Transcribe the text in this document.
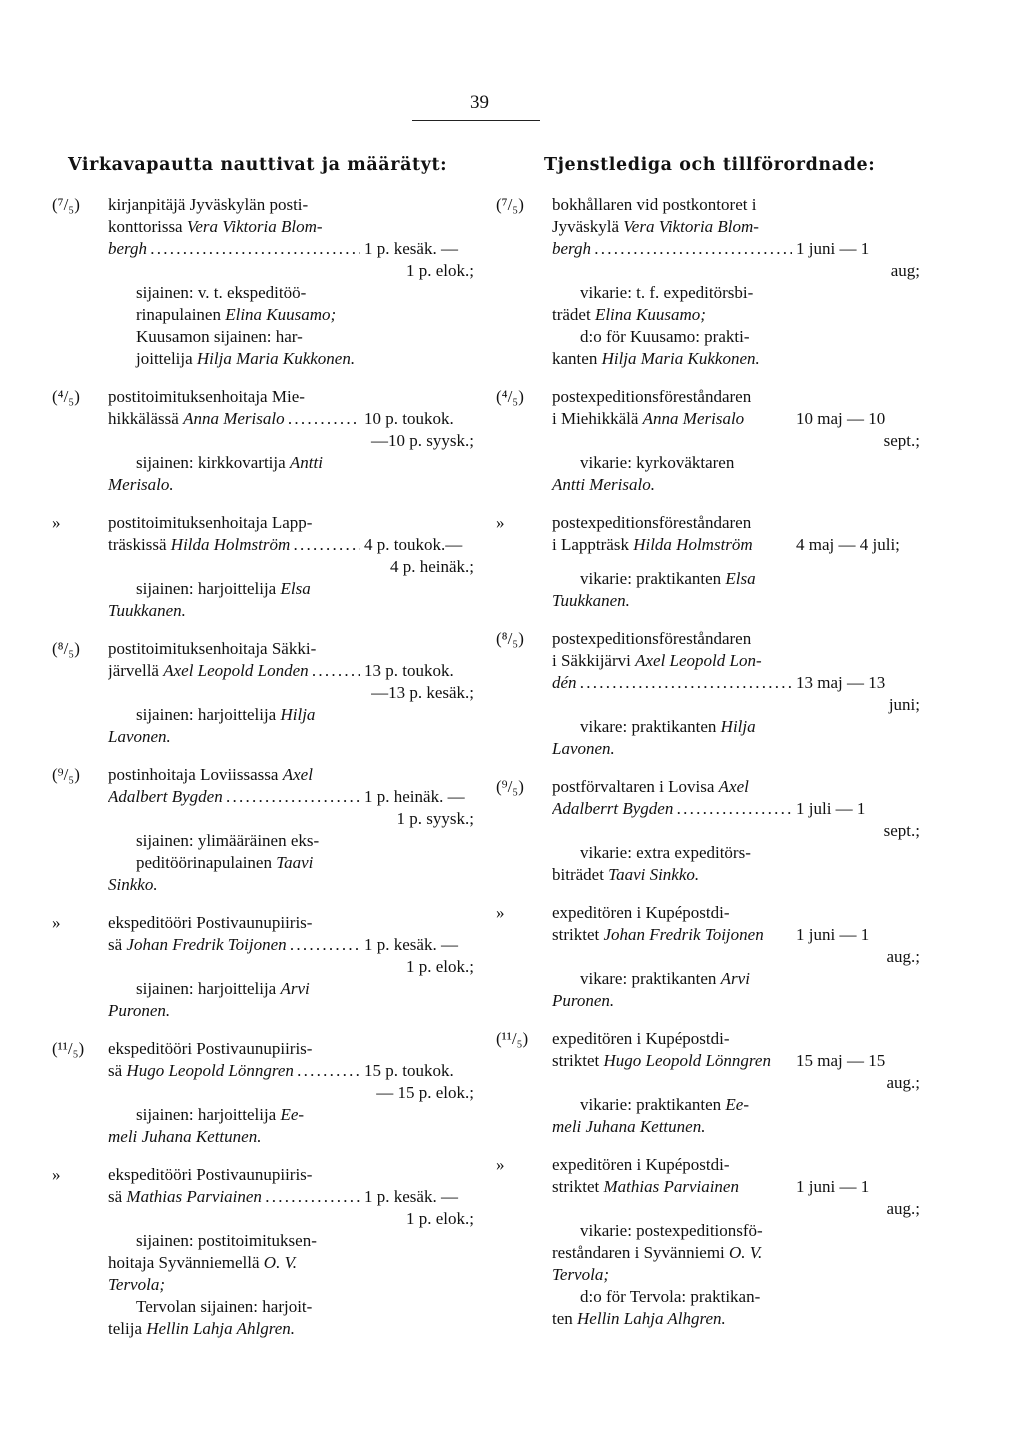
39
Virkavapautta nauttivat ja määrätyt:
(⁷/₅) kirjanpitäjä Jyväskylän posti-
konttorissa Vera Viktoria Blom-
bergh . . .	1 p. kesäk. —
1 p. elok.;
sijainen: v. t. ekspeditöö-
rinapulainen Elina Kuusamo;
Kuusamon sijainen: har-
joittelija Hilja Maria Kukkonen.
(⁴/₅) postitoimituksenhoitaja Mie-
hikkälässä Anna Merisalo . . .	10 p. toukok.
—10 p. syysk.;
sijainen: kirkkovartija Antti
Merisalo.
»	postitoimituksenhoitaja Lapp-
träskissä Hilda Holmström . . .	4 p. toukok.—
4 p. heinäk.;
sijainen: harjoittelija Elsa
Tuukkanen.
(⁸/₅) postitoimituksenhoitaja Säkki-
järvellä Axel Leopold Londen . . .	13 p. toukok.
—13 p. kesäk.;
sijainen: harjoittelija Hilja
Lavonen.
(⁹/₅) postinhoitaja Loviissassa Axel
Adalbert Bygden . . .	1 p. heinäk. —
1 p. syysk.;
sijainen: ylimääräinen eks-
peditöörinapulainen Taavi
Sinkko.
»	ekspeditööri Postivaunupiiris-
sä Johan Fredrik Toijonen . . .	1 p. kesäk. —
1 p. elok.;
sijainen: harjoittelija Arvi
Puronen.
(¹¹/₅) ekspeditööri Postivaunupiiris-
sä Hugo Leopold Lönngren . . .	15 p. toukok.
— 15 p. elok.;
sijainen: harjoittelija Ee-
meli Juhana Kettunen.
»	ekspeditööri Postivaunupiiris-
sä Mathias Parviainen . . .	1 p. kesäk. —
1 p. elok.;
sijainen: postitoimituksen-
hoitaja Syvänniemellä O. V.
Tervola;
Tervolan sijainen: harjoit-
telija Hellin Lahja Ahlgren.
Tjenstlediga och tillförordnade:
(⁷/₅) bokhållaren vid postkontoret i
Jyväskylä Vera Viktoria Blom-
bergh . . .	1 juni — 1
aug;
vikarie: t. f. expeditörsbi-
trädet Elina Kuusamo;
d:o för Kuusamo: prakti-
kanten Hilja Maria Kukkonen.
(⁴/₅) postexpeditionsföreståndaren
i Miehikkälä Anna Merisalo	10 maj — 10
sept.;
vikarie: kyrkoväktaren
Antti Merisalo.
»	postexpeditionsföreståndaren
i Lappträsk Hilda Holmström	4 maj — 4 juli;
vikarie: praktikanten Elsa
Tuukkanen.
(⁸/₅) postexpeditionsföreståndaren
i Säkkijärvi Axel Leopold Lon-
dén . . .	13 maj — 13
juni;
vikare: praktikanten Hilja
Lavonen.
(⁹/₅) postförvaltaren i Lovisa Axel
Adalberrt Bygden . . .	1 juli — 1
sept.;
vikarie: extra expeditörs-
biträdet Taavi Sinkko.
»	expeditören i Kupépostdi-
striktet Johan Fredrik Toijonen	1 juni — 1
aug.;
vikare: praktikanten Arvi
Puronen.
(¹¹/₅) expeditören i Kupépostdi-
striktet Hugo Leopold Lönngren	15 maj — 15
aug.;
vikarie: praktikanten Ee-
meli Juhana Kettunen.
»	expeditören i Kupépostdi-
striktet Mathias Parviainen	1 juni — 1
aug.;
vikarie: postexpeditionsfö-
reståndaren i Syvänniemi O. V.
Tervola;
d:o för Tervola: praktikan-
ten Hellin Lahja Alhgren.
